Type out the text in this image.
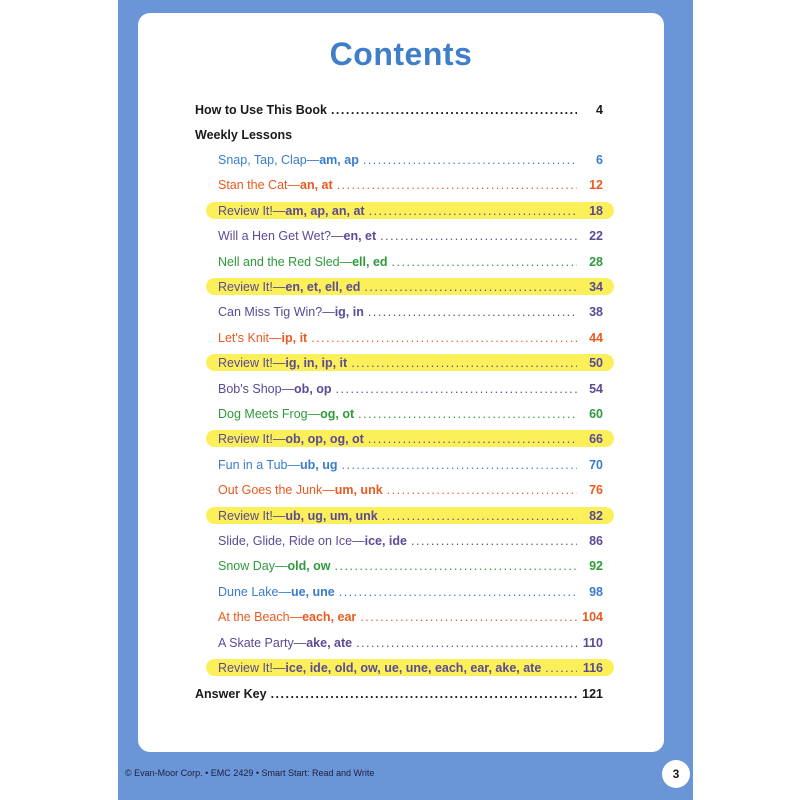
Contents
How to Use This Book .....	4
Weekly Lessons
Snap, Tap, Clap—am, ap .....	6
Stan the Cat—an, at .....	12
Review It!—am, ap, an, at .....	18
Will a Hen Get Wet?—en, et .....	22
Nell and the Red Sled—ell, ed .....	28
Review It!—en, et, ell, ed .....	34
Can Miss Tig Win?—ig, in .....	38
Let's Knit—ip, it .....	44
Review It!—ig, in, ip, it .....	50
Bob's Shop—ob, op .....	54
Dog Meets Frog—og, ot .....	60
Review It!—ob, op, og, ot .....	66
Fun in a Tub—ub, ug .....	70
Out Goes the Junk—um, unk .....	76
Review It!—ub, ug, um, unk .....	82
Slide, Glide, Ride on Ice—ice, ide .....	86
Snow Day—old, ow .....	92
Dune Lake—ue, une .....	98
At the Beach—each, ear .....	104
A Skate Party—ake, ate .....	110
Review It!—ice, ide, old, ow, ue, une, each, ear, ake, ate .....	116
Answer Key .....	121
© Evan-Moor Corp. • EMC 2429 • Smart Start: Read and Write	3
